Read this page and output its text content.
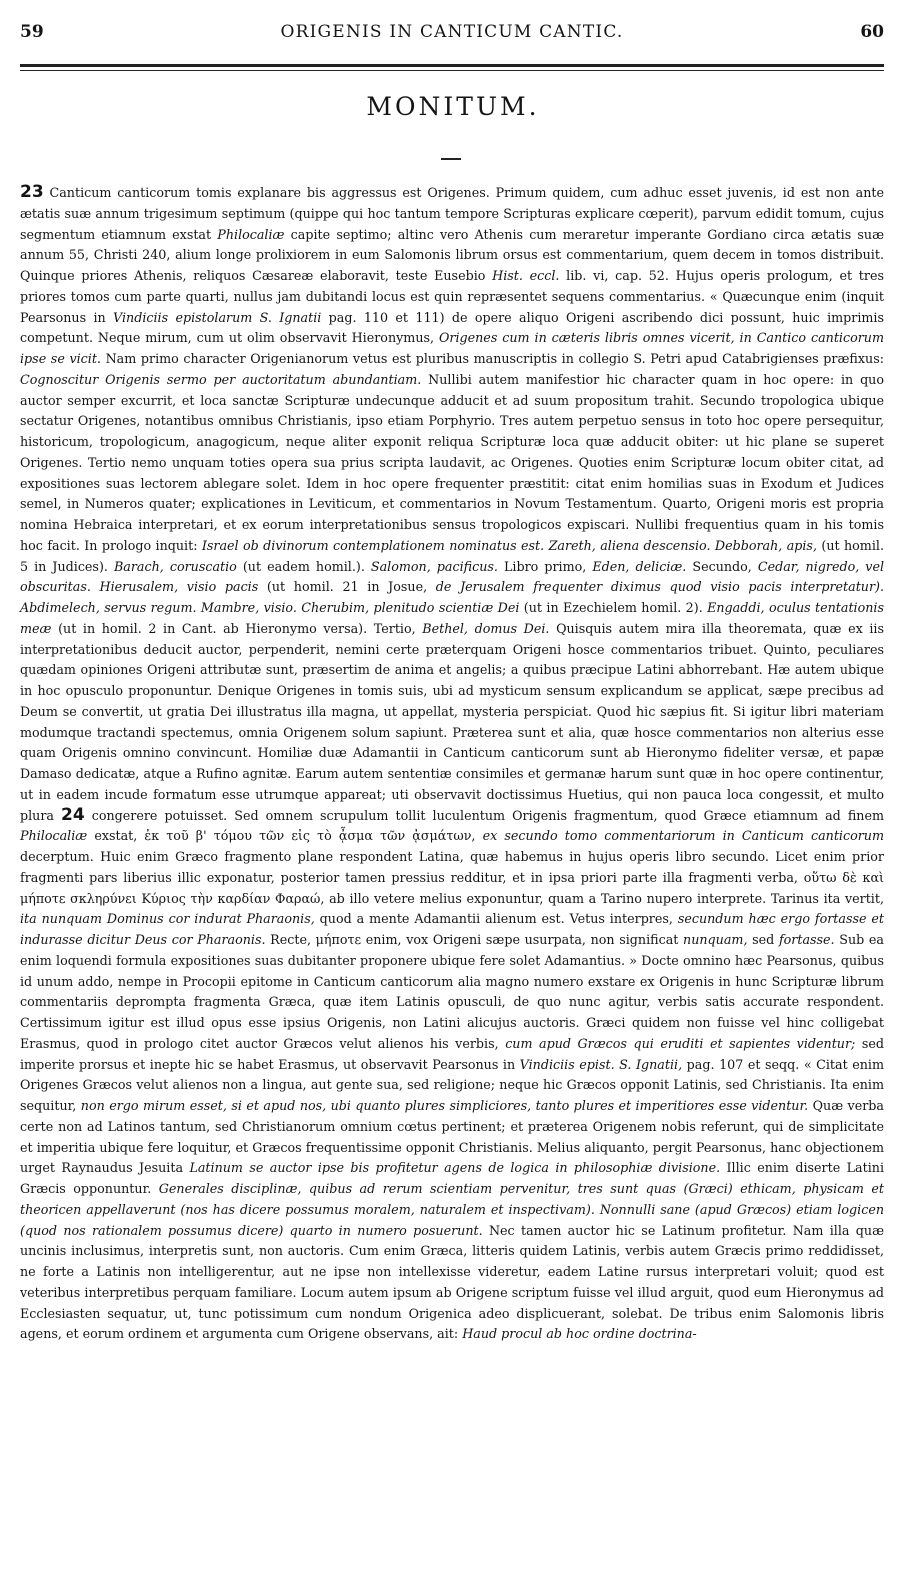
59	ORIGENIS IN CANTICUM CANTIC.	60
MONITUM.

23 Canticum canticorum tomis explanare bis aggressus est Origenes. Primum quidem, cum adhuc esset juvenis, id est non ante ætatis suæ annum trigesimum septimum (quippe qui hoc tantum tempore Scripturas explicare cœperit), parvum edidit tomum, cujus segmentum etiamnum exstat Philocaliæ capite septimo; altinc vero Athenis cum meraretur imperante Gordiano circa ætatis suæ annum 55, Christi 240, alium longe prolixiorem in eum Salomonis librum orsus est commentarium, quem decem in tomos distribuit. Quinque priores Athenis, reliquos Cæsareæ elaboravit, teste Eusebio Hist. eccl. lib. vi, cap. 52. Hujus operis prologum, et tres priores tomos cum parte quarti, nullus jam dubitandi locus est quin repræsentet sequens commentarius. « Quæcunque enim (inquit Pearsonus in Vindiciis epistolarum S. Ignatii pag. 110 et 111) de opere aliquo Origeni ascribendo dici possunt, huic imprimis competunt. Neque mirum, cum ut olim observavit Hieronymus, Origenes cum in cæteris libris omnes vicerit, in Cantico canticorum ipse se vicit. Nam primo character Origenianorum vetus est pluribus manuscriptis in collegio S. Petri apud Catabrigienses præfixus: Cognoscitur Origenis sermo per auctoritatum abundantiam. Nullibi autem manifestior hic character quam in hoc opere: in quo auctor semper excurrit, et loca sanctæ Scripturæ undecunque adducit et ad suum propositum trahit. Secundo tropologica ubique sectatur Origenes, notantibus omnibus Christianis, ipso etiam Porphyrio. Tres autem perpetuo sensus in toto hoc opere persequitur, historicum, tropologicum, anagogicum, neque aliter exponit reliqua Scripturæ loca quæ adducit obiter: ut hic plane se superet Origenes. Tertio nemo unquam toties opera sua prius scripta laudavit, ac Origenes. Quoties enim Scripturæ locum obiter citat, ad expositiones suas lectorem ablegare solet. Idem in hoc opere frequenter præstitit: citat enim homilias suas in Exodum et Judices semel, in Numeros quater; explicationes in Leviticum, et commentarios in Novum Testamentum. Quarto, Origeni moris est propria nomina Hebraica interpretari, et ex eorum interpretationibus sensus tropologicos expiscari. Nullibi frequentius quam in his tomis hoc facit. In prologo inquit: Israel ob divinorum contemplationem nominatus est. Zareth, aliena descensio. Debborah, apis, (ut homil. 5 in Judices). Barach, coruscatio (ut eadem homil.). Salomon, pacificus. Libro primo, Eden, deliciæ. Secundo, Cedar, nigredo, vel obscuritas. Hierusalem, visio pacis (ut homil. 21 in Josue, de Jerusalem frequenter diximus quod visio pacis interpretatur). Abdimelech, servus regum. Mambre, visio. Cherubim, plenitudo scientiæ Dei (ut in Ezechielem homil. 2). Engaddi, oculus tentationis meæ (ut in homil. 2 in Cant. ab Hieronymo versa). Tertio, Bethel, domus Dei. Quisquis autem mira illa theoremata, quæ ex iis interpretationibus deducit auctor, perpenderit, nemini certe præterquam Origeni hosce commentarios tribuet. Quinto, peculiares quædam opiniones Origeni attributæ sunt, præsertim de anima et angelis; a quibus præcipue Latini abhorrebant. Hæ autem ubique in hoc opusculo proponuntur. Denique Origenes in tomis suis, ubi ad mysticum sensum explicandum se applicat, sæpe precibus ad Deum se convertit, ut gratia Dei illustratus illa magna, ut appellat, mysteria perspiciat. Quod hic sæpius fit. Si igitur libri materiam modumque tractandi spectemus, omnia Origenem solum sapiunt. Præterea sunt et alia, quæ hosce commentarios non alterius esse quam Origenis omnino convincunt. Homiliæ duæ Adamantii in Canticum canticorum sunt ab Hieronymo fideliter versæ, et papæ Damaso dedicatæ, atque a Rufino agnitæ. Earum autem sententiæ consimiles et germanæ harum sunt quæ in hoc opere continentur, ut in eadem incude formatum esse utrumque appareat; uti observavit doctissimus Huetius, qui non pauca loca congessit, et multo plura 24 congerere potuisset. Sed omnem scrupulum tollit luculentum Origenis fragmentum, quod Græce etiamnum ad finem Philocaliæ exstat, ἐκ τοῦ β' τόμου τῶν εἰς τὸ ᾆσμα τῶν ᾀσμάτων, ex secundo tomo commentariorum in Canticum canticorum decerptum. Huic enim Græco fragmento plane respondent Latina, quæ habemus in hujus operis libro secundo. Licet enim prior fragmenti pars liberius illic exponatur, posterior tamen pressius redditur, et in ipsa priori parte illa fragmenti verba, οὕτω δὲ καὶ μήποτε σκληρύνει Κύριος τὴν καρδίαν Φαραώ, ab illo vetere melius exponuntur, quam a Tarino nupero interprete. Tarinus ita vertit, ita nunquam Dominus cor indurat Pharaonis, quod a mente Adamantii alienum est. Vetus interpres, secundum hæc ergo fortasse et indurasse dicitur Deus cor Pharaonis. Recte, μήποτε enim, vox Origeni sæpe usurpata, non significat nunquam, sed fortasse. Sub ea enim loquendi formula expositiones suas dubitanter proponere ubique fere solet Adamantius. » Docte omnino hæc Pearsonus, quibus id unum addo, nempe in Procopii epitome in Canticum canticorum alia magno numero exstare ex Origenis in hunc Scripturæ librum commentariis deprompta fragmenta Græca, quæ item Latinis opusculi, de quo nunc agitur, verbis satis accurate respondent. Certissimum igitur est illud opus esse ipsius Origenis, non Latini alicujus auctoris. Græci quidem non fuisse vel hinc colligebat Erasmus, quod in prologo citet auctor Græcos velut alienos his verbis, cum apud Græcos qui eruditi et sapientes videntur; sed imperite prorsus et inepte hic se habet Erasmus, ut observavit Pearsonus in Vindiciis epist. S. Ignatii, pag. 107 et seqq. « Citat enim Origenes Græcos velut alienos non a lingua, aut gente sua, sed religione; neque hic Græcos opponit Latinis, sed Christianis. Ita enim sequitur, non ergo mirum esset, si et apud nos, ubi quanto plures simpliciores, tanto plures et imperitiores esse videntur. Quæ verba certe non ad Latinos tantum, sed Christianorum omnium cœtus pertinent; et præterea Origenem nobis referunt, qui de simplicitate et imperitia ubique fere loquitur, et Græcos frequentissime opponit Christianis. Melius aliquanto, pergit Pearsonus, hanc objectionem urget Raynaudus Jesuita Latinum se auctor ipse bis profitetur agens de logica in philosophiæ divisione. Illic enim diserte Latini Græcis opponuntur. Generales disciplinæ, quibus ad rerum scientiam pervenitur, tres sunt quas (Græci) ethicam, physicam et theoricen appellaverunt (nos has dicere possumus moralem, naturalem et inspectivam). Nonnulli sane (apud Græcos) etiam logicen (quod nos rationalem possumus dicere) quarto in numero posuerunt. Nec tamen auctor hic se Latinum profitetur. Nam illa quæ uncinis inclusimus, interpretis sunt, non auctoris. Cum enim Græca, litteris quidem Latinis, verbis autem Græcis primo reddidisset, ne forte a Latinis non intelligerentur, aut ne ipse non intellexisse videretur, eadem Latine rursus interpretari voluit; quod est veteribus interpretibus perquam familiare. Locum autem ipsum ab Origene scriptum fuisse vel illud arguit, quod eum Hieronymus ad Ecclesiasten sequatur, ut, tunc potissimum cum nondum Origenica adeo displicuerant, solebat. De tribus enim Salomonis libris agens, et eorum ordinem et argumenta cum Origene observans, ait: Haud procul ab hoc ordine doctrina-
